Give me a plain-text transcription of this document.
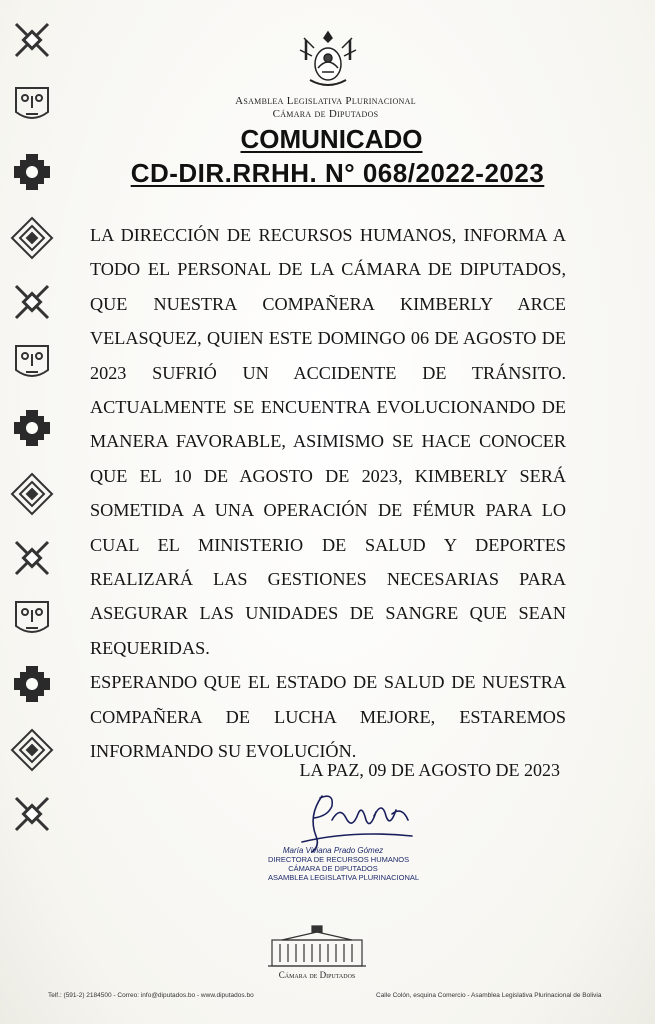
Asamblea Legislativa Plurinacional
Cámara de Diputados
COMUNICADO
CD-DIR.RRHH. N° 068/2022-2023

LA DIRECCIÓN DE RECURSOS HUMANOS, INFORMA A TODO EL PERSONAL DE LA CÁMARA DE DIPUTADOS, QUE NUESTRA COMPAÑERA KIMBERLY ARCE VELASQUEZ, QUIEN ESTE DOMINGO 06 DE AGOSTO DE 2023 SUFRIÓ UN ACCIDENTE DE TRÁNSITO. ACTUALMENTE SE ENCUENTRA EVOLUCIONANDO DE MANERA FAVORABLE, ASIMISMO SE HACE CONOCER QUE EL 10 DE AGOSTO DE 2023, KIMBERLY SERÁ SOMETIDA A UNA OPERACIÓN DE FÉMUR PARA LO CUAL EL MINISTERIO DE SALUD Y DEPORTES REALIZARÁ LAS GESTIONES NECESARIAS PARA ASEGURAR LAS UNIDADES DE SANGRE QUE SEAN REQUERIDAS.

ESPERANDO QUE EL ESTADO DE SALUD DE NUESTRA COMPAÑERA DE LUCHA MEJORE, ESTAREMOS INFORMANDO SU EVOLUCIÓN.

LA PAZ, 09 DE AGOSTO DE 2023
María Viviana Prado Gómez
DIRECTORA DE RECURSOS HUMANOS
CÁMARA DE DIPUTADOS
ASAMBLEA LEGISLATIVA PLURINACIONAL
Cámara de Diputados
Telf.: (591-2) 2184500 - Correo: info@diputados.bo - www.diputados.bo	Calle Colón, esquina Comercio - Asamblea Legislativa Plurinacional de Bolivia
